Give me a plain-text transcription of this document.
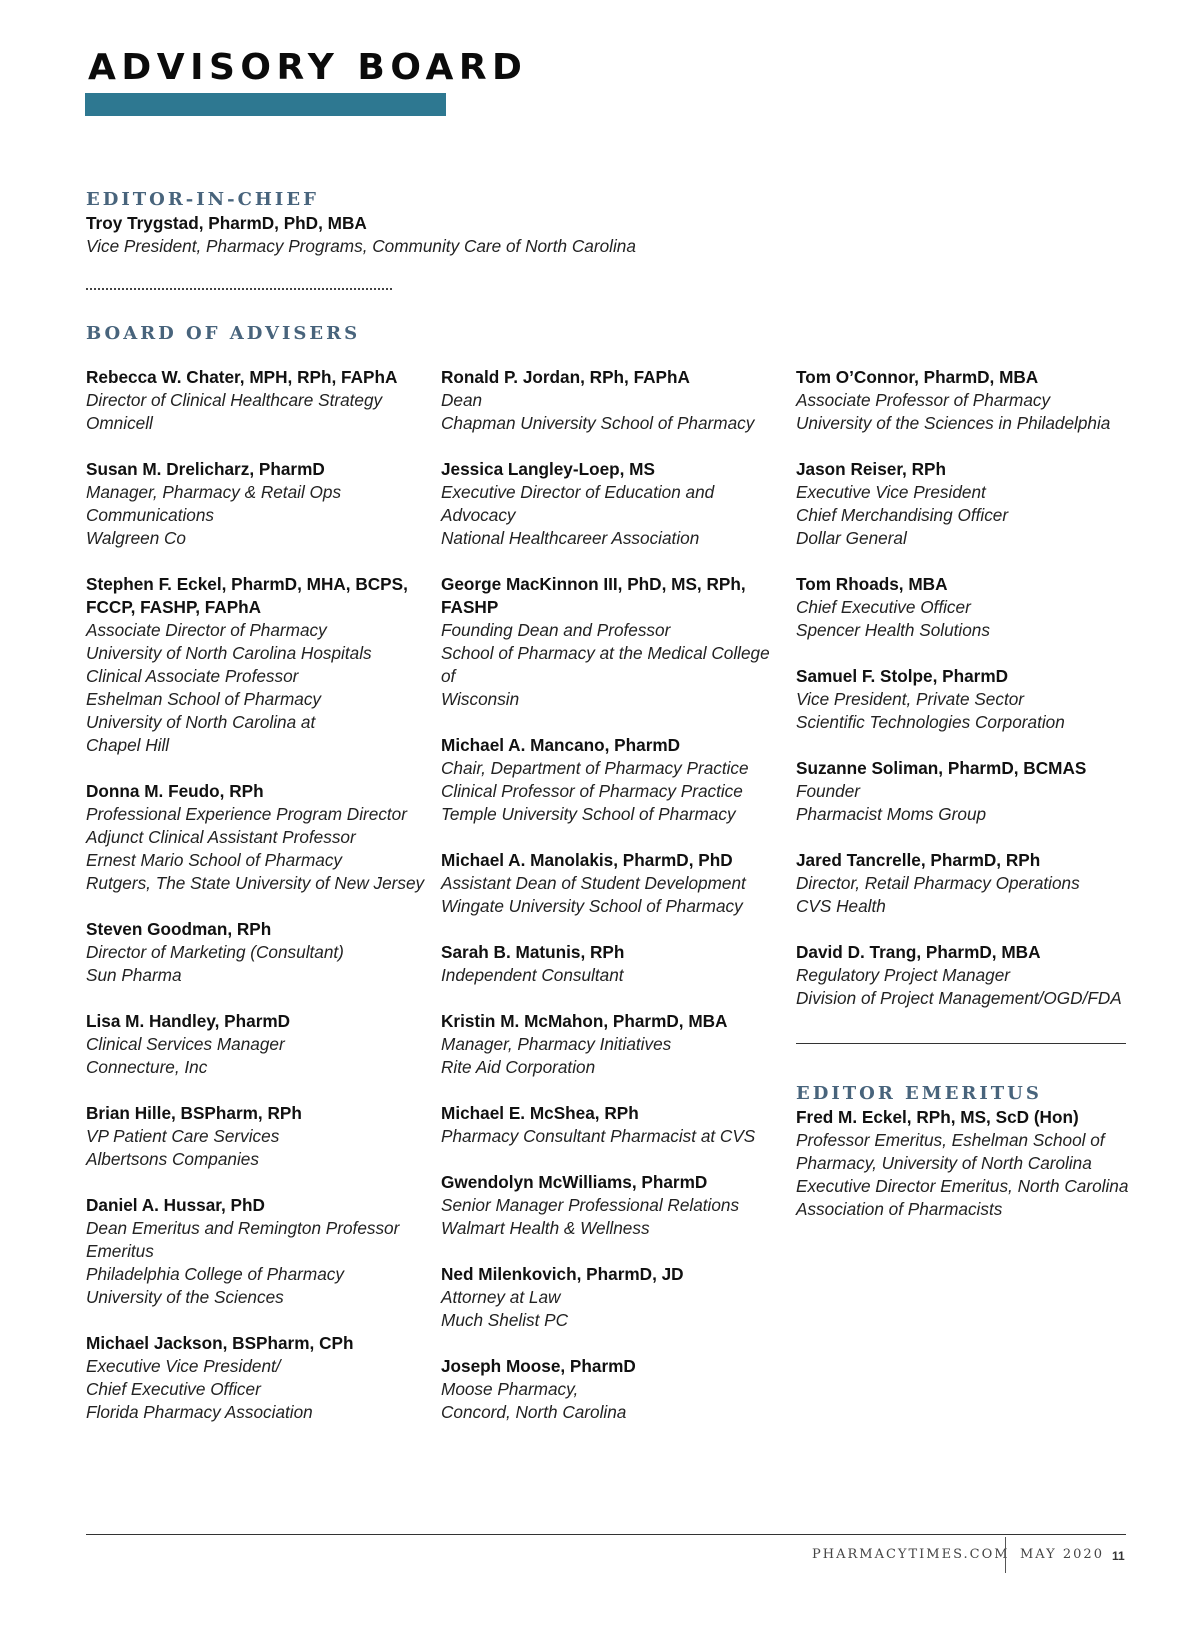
ADVISORY BOARD
EDITOR-IN-CHIEF
Troy Trygstad, PharmD, PhD, MBA
Vice President, Pharmacy Programs, Community Care of North Carolina
BOARD OF ADVISERS
Rebecca W. Chater, MPH, RPh, FAPhA
Director of Clinical Healthcare Strategy
Omnicell
Susan M. Drelicharz, PharmD
Manager, Pharmacy & Retail Ops
Communications
Walgreen Co
Stephen F. Eckel, PharmD, MHA, BCPS,
FCCP, FASHP, FAPhA
Associate Director of Pharmacy
University of North Carolina Hospitals
Clinical Associate Professor
Eshelman School of Pharmacy
University of North Carolina at
Chapel Hill
Donna M. Feudo, RPh
Professional Experience Program Director
Adjunct Clinical Assistant Professor
Ernest Mario School of Pharmacy
Rutgers, The State University of New Jersey
Steven Goodman, RPh
Director of Marketing (Consultant)
Sun Pharma
Lisa M. Handley, PharmD
Clinical Services Manager
Connecture, Inc
Brian Hille, BSPharm, RPh
VP Patient Care Services
Albertsons Companies
Daniel A. Hussar, PhD
Dean Emeritus and Remington Professor
Emeritus
Philadelphia College of Pharmacy
University of the Sciences
Michael Jackson, BSPharm, CPh
Executive Vice President/
Chief Executive Officer
Florida Pharmacy Association
Ronald P. Jordan, RPh, FAPhA
Dean
Chapman University School of Pharmacy
Jessica Langley-Loep, MS
Executive Director of Education and Advocacy
National Healthcareer Association
George MacKinnon III, PhD, MS, RPh,
FASHP
Founding Dean and Professor
School of Pharmacy at the Medical College of
Wisconsin
Michael A. Mancano, PharmD
Chair, Department of Pharmacy Practice
Clinical Professor of Pharmacy Practice
Temple University School of Pharmacy
Michael A. Manolakis, PharmD, PhD
Assistant Dean of Student Development
Wingate University School of Pharmacy
Sarah B. Matunis, RPh
Independent Consultant
Kristin M. McMahon, PharmD, MBA
Manager, Pharmacy Initiatives
Rite Aid Corporation
Michael E. McShea, RPh
Pharmacy Consultant Pharmacist at CVS
Gwendolyn McWilliams, PharmD
Senior Manager Professional Relations
Walmart Health & Wellness
Ned Milenkovich, PharmD, JD
Attorney at Law
Much Shelist PC
Joseph Moose, PharmD
Moose Pharmacy,
Concord, North Carolina
Tom O’Connor, PharmD, MBA
Associate Professor of Pharmacy
University of the Sciences in Philadelphia
Jason Reiser, RPh
Executive Vice President
Chief Merchandising Officer
Dollar General
Tom Rhoads, MBA
Chief Executive Officer
Spencer Health Solutions
Samuel F. Stolpe, PharmD
Vice President, Private Sector
Scientific Technologies Corporation
Suzanne Soliman, PharmD, BCMAS
Founder
Pharmacist Moms Group
Jared Tancrelle, PharmD, RPh
Director, Retail Pharmacy Operations
CVS Health
David D. Trang, PharmD, MBA
Regulatory Project Manager
Division of Project Management/OGD/FDA
EDITOR EMERITUS
Fred M. Eckel, RPh, MS, ScD (Hon)
Professor Emeritus, Eshelman School of
Pharmacy, University of North Carolina
Executive Director Emeritus, North Carolina
Association of Pharmacists
PHARMACYTIMES.COM MAY 2020 11
